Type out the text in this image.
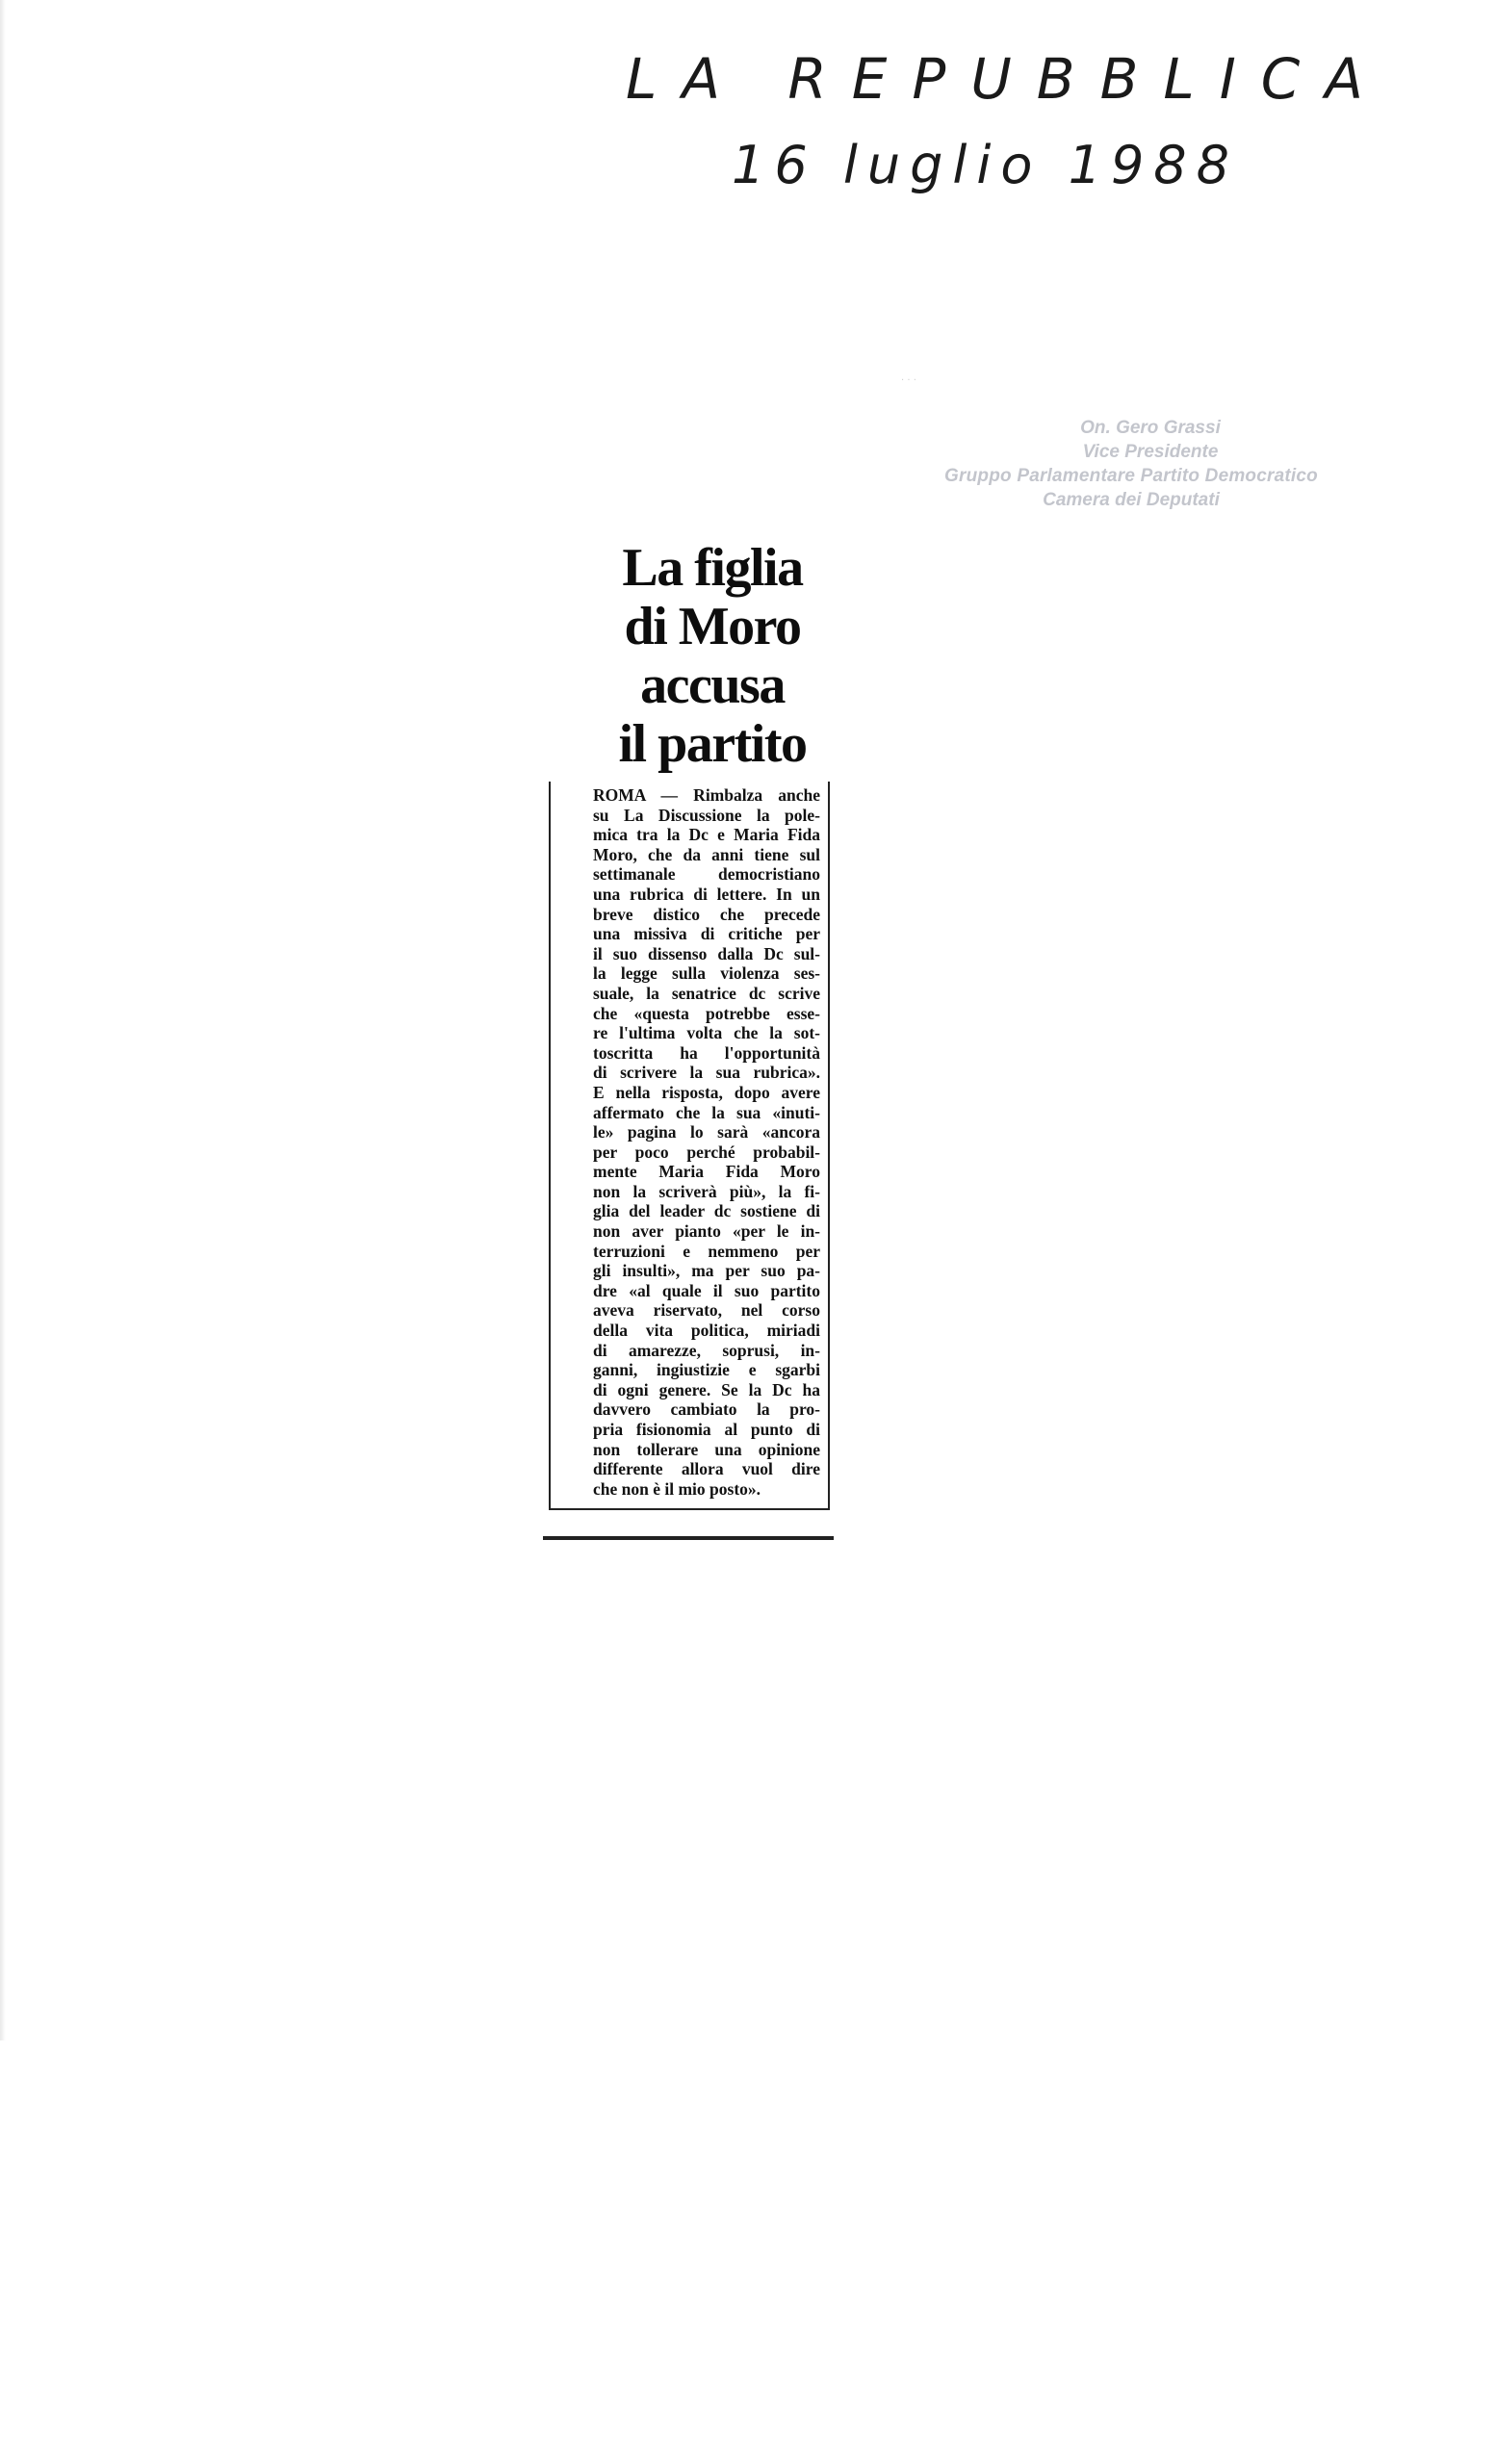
LA REPUBBLICA
16 luglio 1988
· · ·
On. Gero Grassi
Vice Presidente
Gruppo Parlamentare Partito Democratico
Camera dei Deputati
La figlia
di Moro
accusa
il partito
ROMA — Rimbalza anche
su La Discussione la pole-
mica tra la Dc e Maria Fida
Moro, che da anni tiene sul
settimanale democristiano
una rubrica di lettere. In un
breve distico che precede
una missiva di critiche per
il suo dissenso dalla Dc sul-
la legge sulla violenza ses-
suale, la senatrice dc scrive
che «questa potrebbe esse-
re l'ultima volta che la sot-
toscritta ha l'opportunità
di scrivere la sua rubrica».
E nella risposta, dopo avere
affermato che la sua «inuti-
le» pagina lo sarà «ancora
per poco perché probabil-
mente Maria Fida Moro
non la scriverà più», la fi-
glia del leader dc sostiene di
non aver pianto «per le in-
terruzioni e nemmeno per
gli insulti», ma per suo pa-
dre «al quale il suo partito
aveva riservato, nel corso
della vita politica, miriadi
di amarezze, soprusi, in-
ganni, ingiustizie e sgarbi
di ogni genere. Se la Dc ha
davvero cambiato la pro-
pria fisionomia al punto di
non tollerare una opinione
differente allora vuol dire
che non è il mio posto».
